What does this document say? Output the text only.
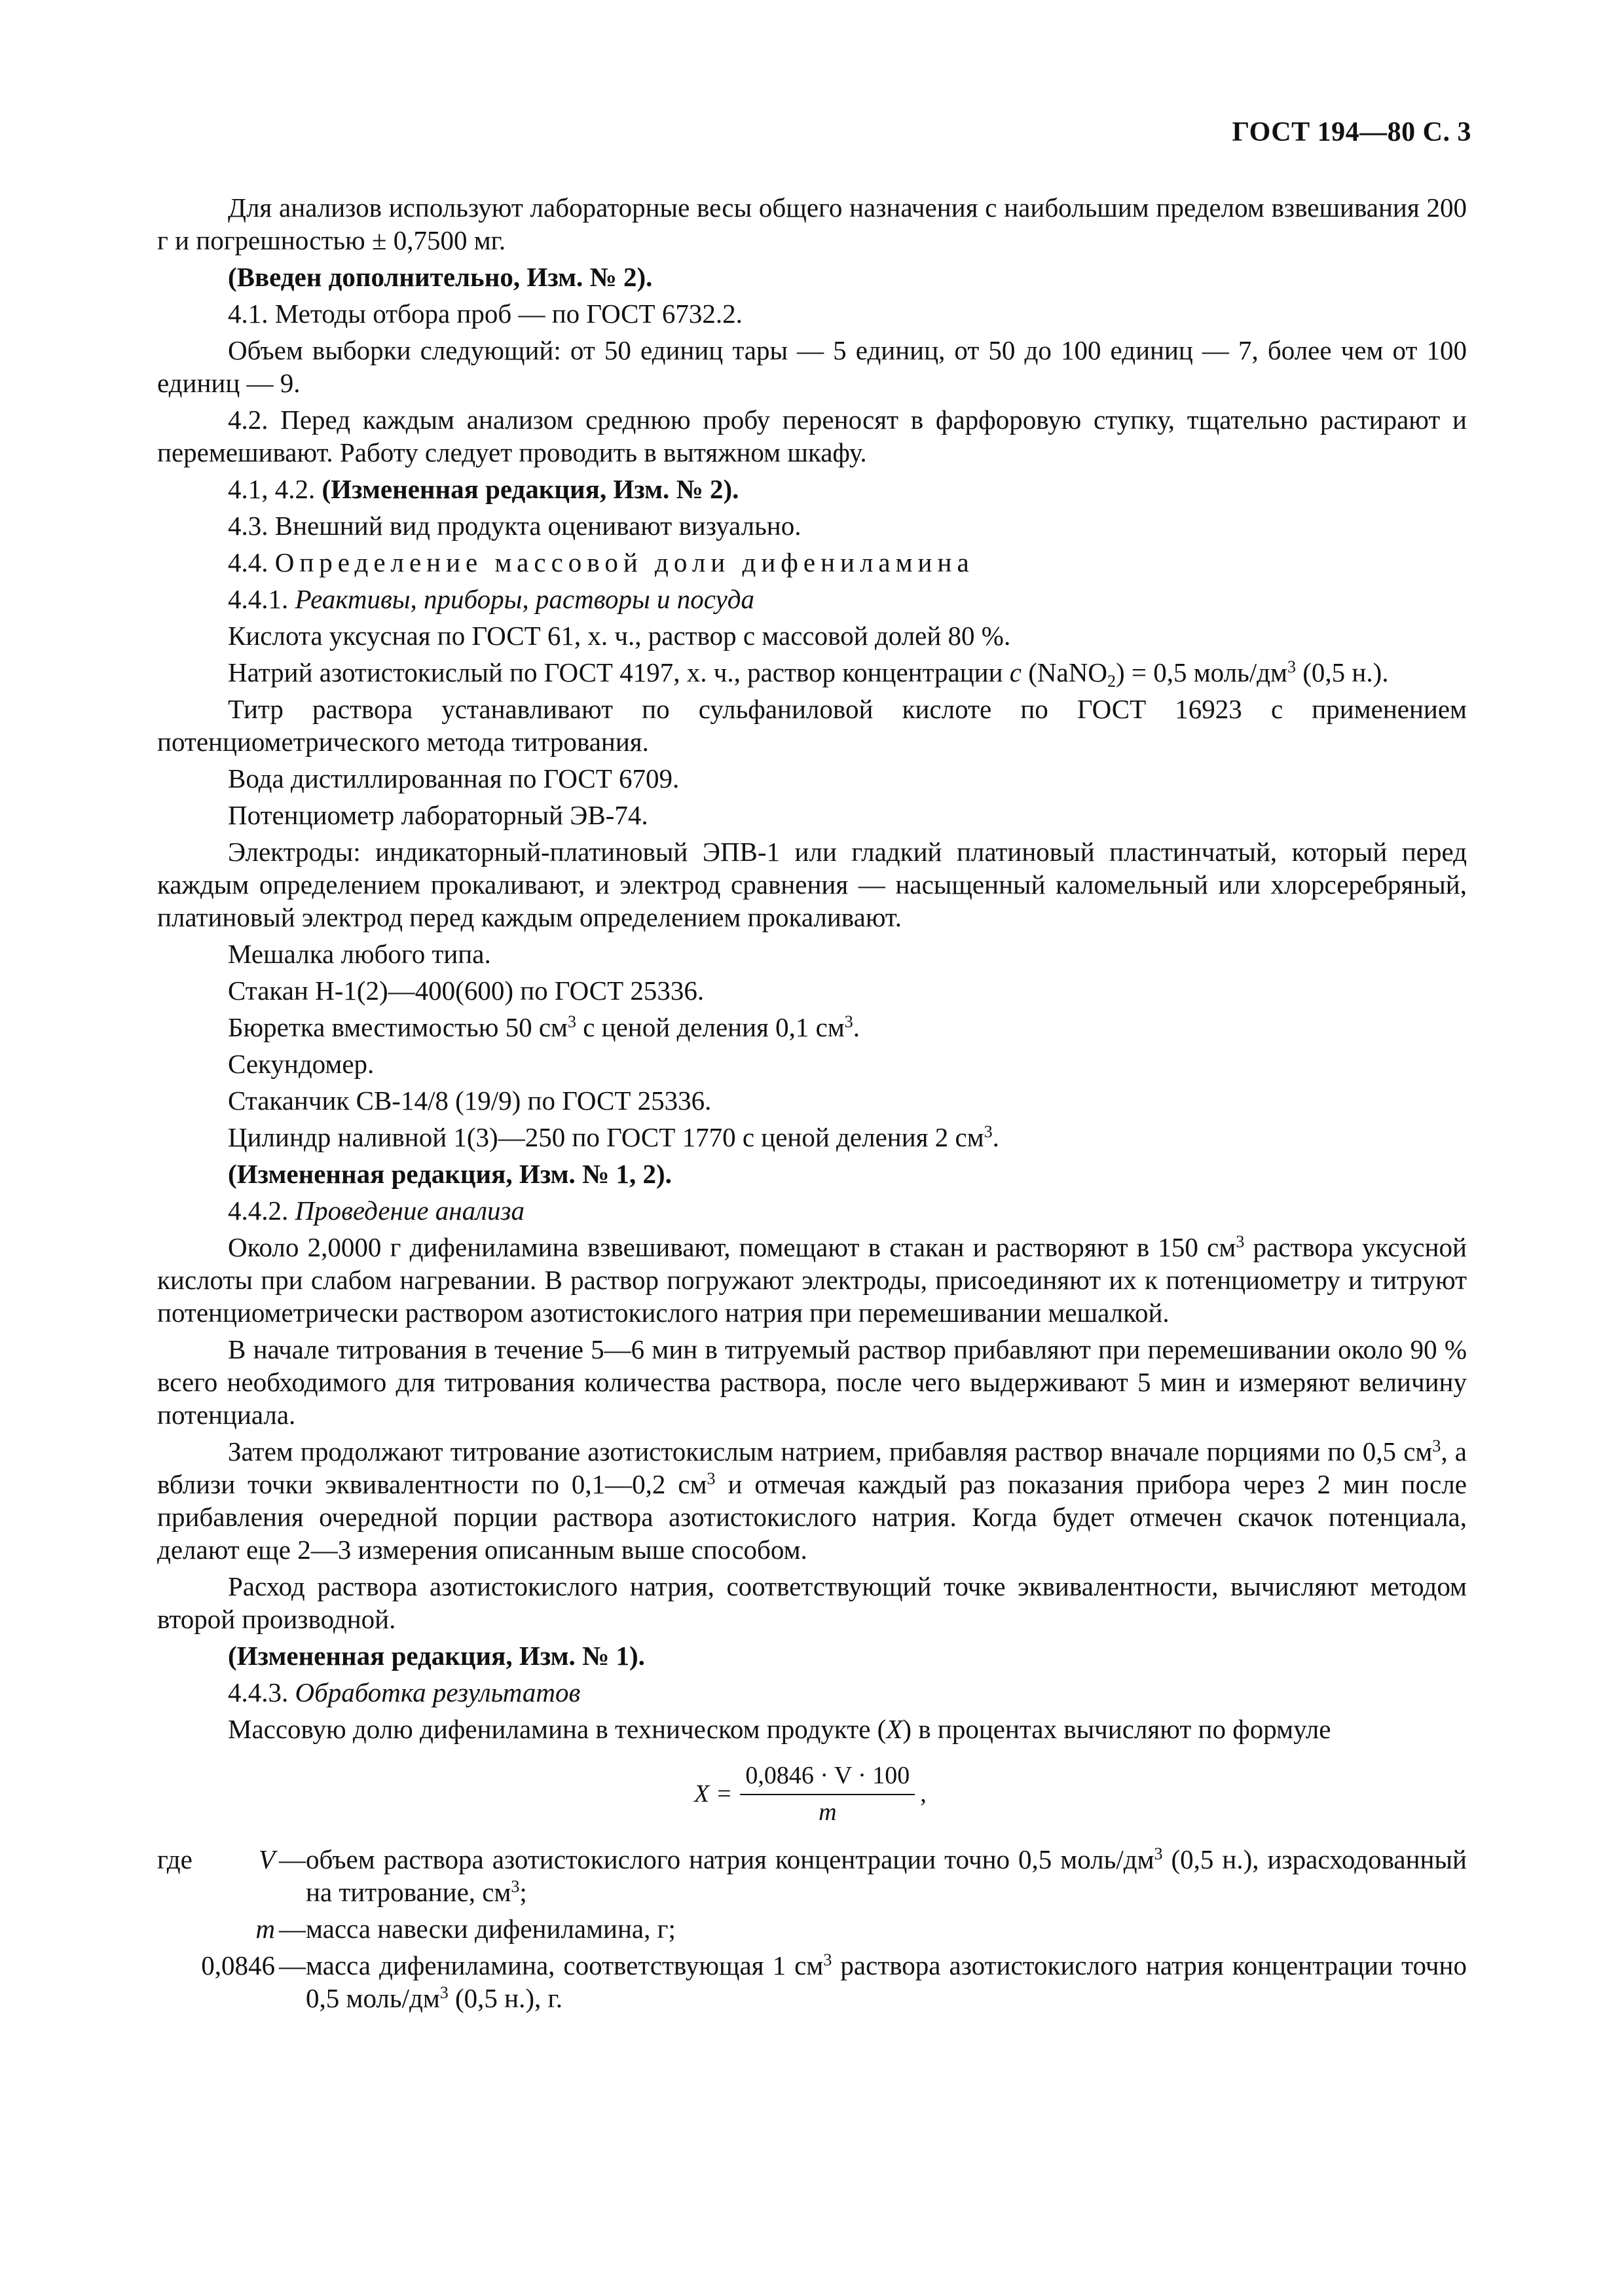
ГОСТ 194—80 С. 3

Для анализов используют лабораторные весы общего назначения с наибольшим пределом взвешивания 200 г и погрешностью ± 0,7500 мг.

(Введен дополнительно, Изм. № 2).

4.1. Методы отбора проб — по ГОСТ 6732.2.

Объем выборки следующий: от 50 единиц тары — 5 единиц, от 50 до 100 единиц — 7, более чем от 100 единиц — 9.

4.2. Перед каждым анализом среднюю пробу переносят в фарфоровую ступку, тщательно растирают и перемешивают. Работу следует проводить в вытяжном шкафу.

4.1, 4.2. (Измененная редакция, Изм. № 2).

4.3. Внешний вид продукта оценивают визуально.

4.4. Определение массовой доли дифениламина

4.4.1. Реактивы, приборы, растворы и посуда

Кислота уксусная по ГОСТ 61, х. ч., раствор с массовой долей 80 %.

Натрий азотистокислый по ГОСТ 4197, х. ч., раствор концентрации c (NaNO$_2$) = 0,5 моль/$дм^3$ (0,5 н.).

Титр раствора устанавливают по сульфаниловой кислоте по ГОСТ 16923 с применением потенциометрического метода титрования.

Вода дистиллированная по ГОСТ 6709.

Потенциометр лабораторный ЭВ-74.

Электроды: индикаторный-платиновый ЭПВ-1 или гладкий платиновый пластинчатый, который перед каждым определением прокаливают, и электрод сравнения — насыщенный каломельный или хлорсеребряный, платиновый электрод перед каждым определением прокаливают.

Мешалка любого типа.

Стакан Н-1(2)—400(600) по ГОСТ 25336.

Бюретка вместимостью 50 $см^3$ с ценой деления 0,1 $см^3$.

Секундомер.

Стаканчик СВ-14/8 (19/9) по ГОСТ 25336.

Цилиндр наливной 1(3)—250 по ГОСТ 1770 с ценой деления 2 $см^3$.

(Измененная редакция, Изм. № 1, 2).

4.4.2. Проведение анализа

Около 2,0000 г дифениламина взвешивают, помещают в стакан и растворяют в 150 $см^3$ раствора уксусной кислоты при слабом нагревании. В раствор погружают электроды, присоединяют их к потенциометру и титруют потенциометрически раствором азотистокислого натрия при перемешивании мешалкой.

В начале титрования в течение 5—6 мин в титруемый раствор прибавляют при перемешивании около 90 % всего необходимого для титрования количества раствора, после чего выдерживают 5 мин и измеряют величину потенциала.

Затем продолжают титрование азотистокислым натрием, прибавляя раствор вначале порциями по 0,5 $см^3$, а вблизи точки эквивалентности по 0,1—0,2 $см^3$ и отмечая каждый раз показания прибора через 2 мин после прибавления очередной порции раствора азотистокислого натрия. Когда будет отмечен скачок потенциала, делают еще 2—3 измерения описанным выше способом.

Расход раствора азотистокислого натрия, соответствующий точке эквивалентности, вычисляют методом второй производной.

(Измененная редакция, Изм. № 1).

4.4.3. Обработка результатов

Массовую долю дифениламина в техническом продукте (X) в процентах вычисляют по формуле

$X = \frac{0,0846 \cdot V \cdot 100}{m}$ ,
где V — объем раствора азотистокислого натрия концентрации точно 0,5 моль/$дм^3$ (0,5 н.), израсходованный на титрование, $см^3$;
m — масса навески дифениламина, г;
0,0846 — масса дифениламина, соответствующая 1 $см^3$ раствора азотистокислого натрия концентрации точно 0,5 моль/$дм^3$ (0,5 н.), г.
